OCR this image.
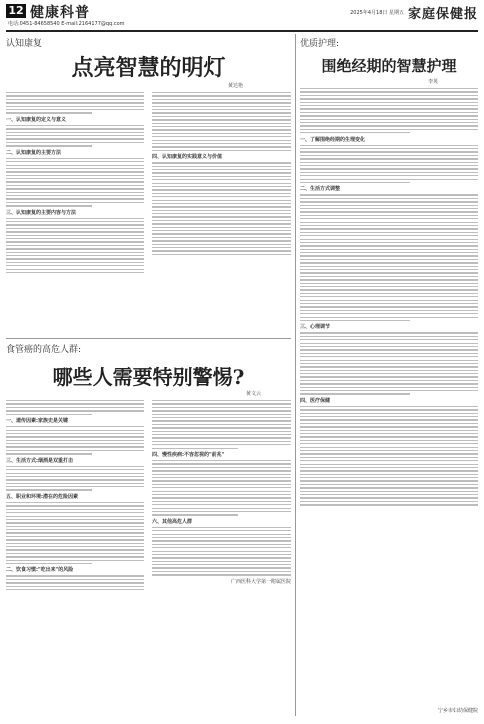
12 健康科普
电话:0451-84658540 E-mail:2164177@qq.com
2025年4月18日 星期五 家庭保健报
认知康复
点亮智慧的明灯
黄达艳
一、认知康复的定义与意义
二、认知康复的主要方法
三、认知康复的主要内容与方法
四、认知康复的实践意义与价值
食管癌的高危人群:
哪些人需要特别警惕?
黄文云
一、遗传因素:家族史是关键
三、生活方式:烟酒是双重打击
五、职业和环境:潜在的危险因素
二、饮食习惯:"吃出来"的风险
四、慢性疾病:不容忽视的"前兆"
六、其他高危人群
广西医科大学第一附属医院
优质护理:
围绝经期的智慧护理
李英
一、了解围绝经期的生理变化
二、生活方式调整
三、心理调节
四、医疗保健
宁乡市妇幼保健院
